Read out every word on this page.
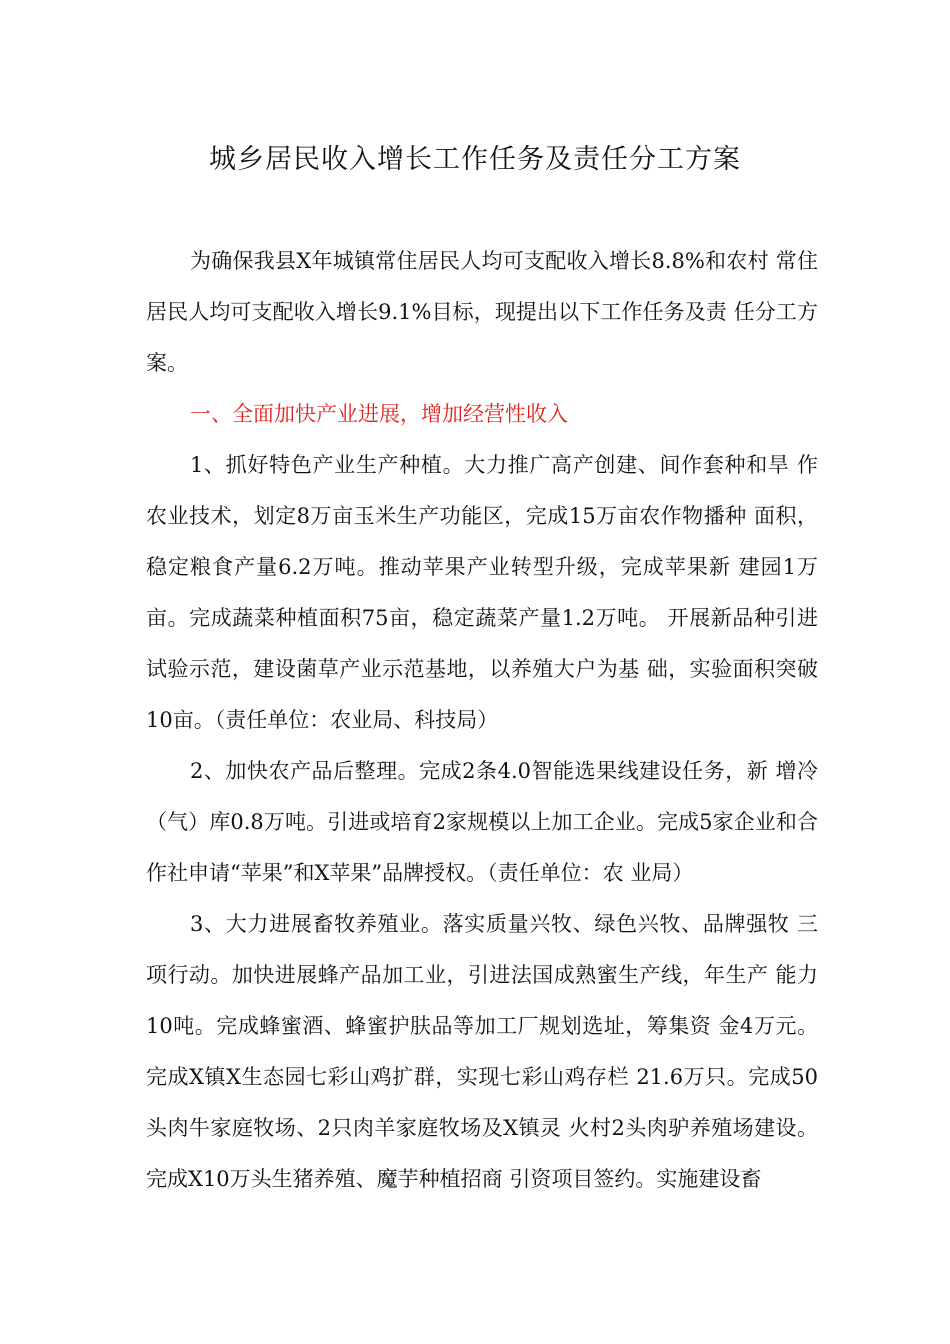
城乡居民收入增长工作任务及责任分工方案

为确保我县X年城镇常住居民人均可支配收入增长8.8%和农村 常住居民人均可支配收入增长9.1%目标，现提出以下工作任务及责 任分工方案。

一、全面加快产业进展，增加经营性收入

1、抓好特色产业生产种植。大力推广高产创建、间作套种和旱 作农业技术，划定8万亩玉米生产功能区，完成15万亩农作物播种 面积，稳定粮食产量6.2万吨。推动苹果产业转型升级，完成苹果新 建园1万亩。完成蔬菜种植面积75亩，稳定蔬菜产量1.2万吨。 开展新品种引进试验示范，建设菌草产业示范基地，以养殖大户为基 础，实验面积突破10亩。（责任单位：农业局、科技局）

2、加快农产品后整理。完成2条4.0智能选果线建设任务，新 增冷（气）库0.8万吨。引进或培育2家规模以上加工企业。完成5家企业和合作社申请“苹果”和X苹果”品牌授权。（责任单位：农 业局）

3、大力进展畜牧养殖业。落实质量兴牧、绿色兴牧、品牌强牧 三项行动。加快进展蜂产品加工业，引进法国成熟蜜生产线，年生产 能力10吨。完成蜂蜜酒、蜂蜜护肤品等加工厂规划选址，筹集资 金4万元。完成X镇X生态园七彩山鸡扩群，实现七彩山鸡存栏 21.6万只。完成50头肉牛家庭牧场、2只肉羊家庭牧场及X镇灵 火村2头肉驴养殖场建设。完成X10万头生猪养殖、魔芋种植招商 引资项目签约。实施建设畜
